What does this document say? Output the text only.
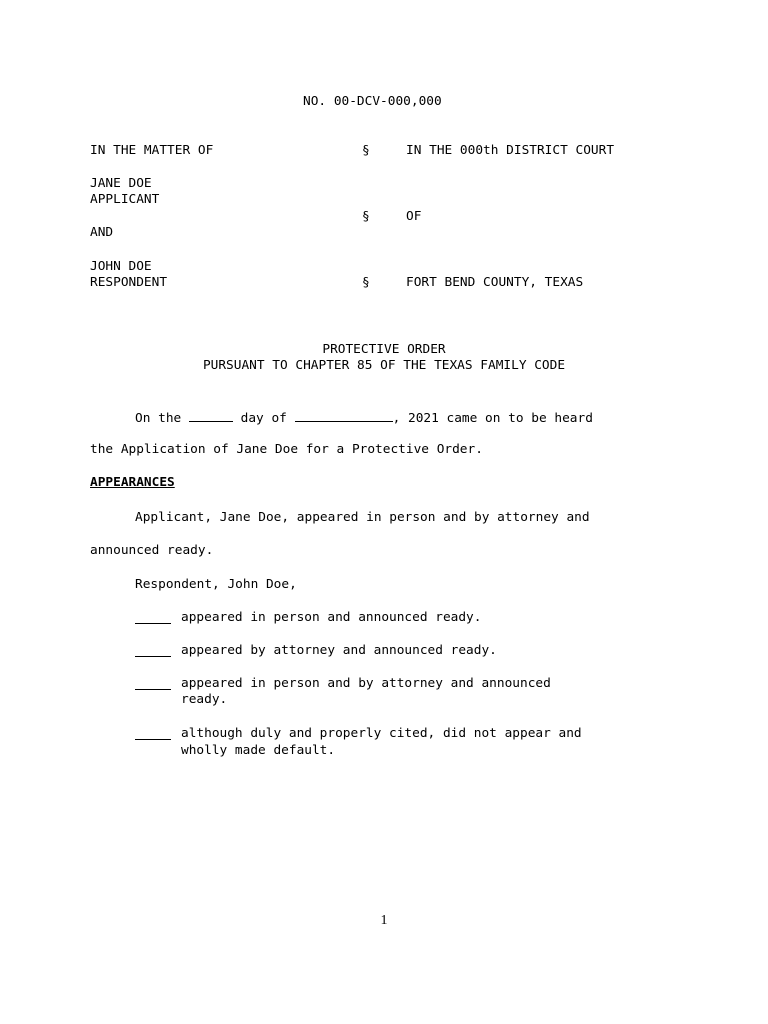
NO. 00-DCV-000,000
IN THE MATTER OF
JANE DOE
APPLICANT
AND
JOHN DOE
RESPONDENT
§
§
§
IN THE 000th DISTRICT COURT
OF
FORT BEND COUNTY, TEXAS
PROTECTIVE ORDER
PURSUANT TO CHAPTER 85 OF THE TEXAS FAMILY CODE
On the	day of	, 2021 came on to be heard
the Application of Jane Doe for a Protective Order.
APPEARANCES
Applicant, Jane Doe, appeared in person and by attorney and
announced ready.
Respondent, John Doe,
appeared in person and announced ready.
appeared by attorney and announced ready.
appeared in person and by attorney and announced
ready.
although duly and properly cited, did not appear and
wholly made default.
1
